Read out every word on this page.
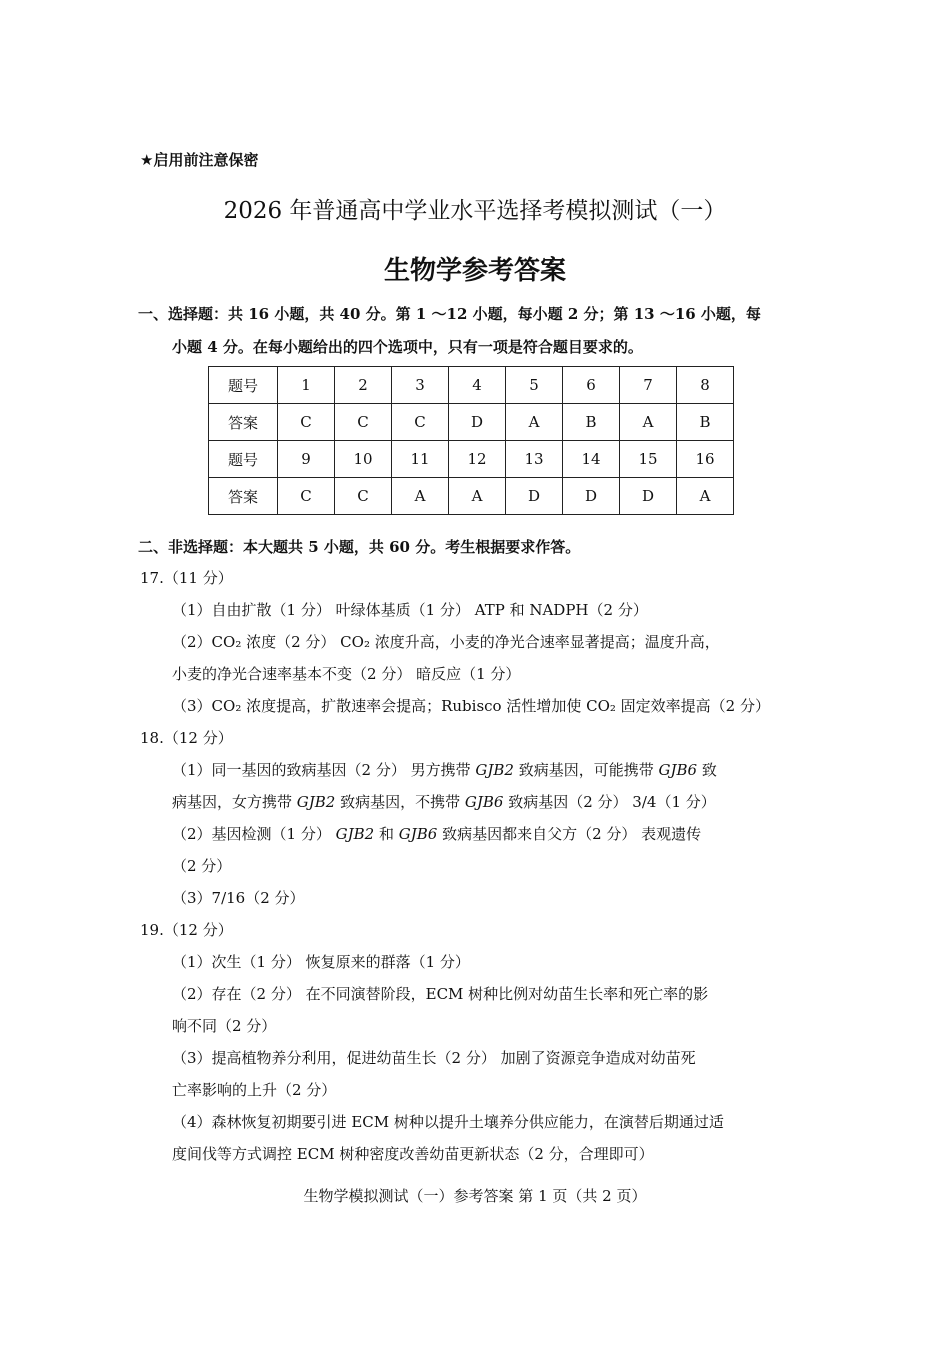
★启用前注意保密
2026 年普通高中学业水平选择考模拟测试（一）
生物学参考答案
一、选择题：共 16 小题，共 40 分。第 1 ～12 小题，每小题 2 分；第 13 ～16 小题，每
小题 4 分。在每小题给出的四个选项中，只有一项是符合题目要求的。
题号	1	2	3	4	5	6	7	8
答案	C	C	C	D	A	B	A	B
题号	9	10	11	12	13	14	15	16
答案	C	C	A	A	D	D	D	A
二、非选择题：本大题共 5 小题，共 60 分。考生根据要求作答。
17.（11 分）
（1）自由扩散（1 分） 叶绿体基质（1 分） ATP 和 NADPH（2 分）
（2）CO₂ 浓度（2 分） CO₂ 浓度升高，小麦的净光合速率显著提高；温度升高，
小麦的净光合速率基本不变（2 分） 暗反应（1 分）
（3）CO₂ 浓度提高，扩散速率会提高；Rubisco 活性增加使 CO₂ 固定效率提高（2 分）
18.（12 分）
（1）同一基因的致病基因（2 分） 男方携带 GJB2 致病基因，可能携带 GJB6 致
病基因，女方携带 GJB2 致病基因，不携带 GJB6 致病基因（2 分） 3/4（1 分）
（2）基因检测（1 分） GJB2 和 GJB6 致病基因都来自父方（2 分） 表观遗传
（2 分）
（3）7/16（2 分）
19.（12 分）
（1）次生（1 分） 恢复原来的群落（1 分）
（2）存在（2 分） 在不同演替阶段，ECM 树种比例对幼苗生长率和死亡率的影
响不同（2 分）
（3）提高植物养分利用，促进幼苗生长（2 分） 加剧了资源竞争造成对幼苗死
亡率影响的上升（2 分）
（4）森林恢复初期要引进 ECM 树种以提升土壤养分供应能力，在演替后期通过适
度间伐等方式调控 ECM 树种密度改善幼苗更新状态（2 分，合理即可）
生物学模拟测试（一）参考答案 第 1 页（共 2 页）
